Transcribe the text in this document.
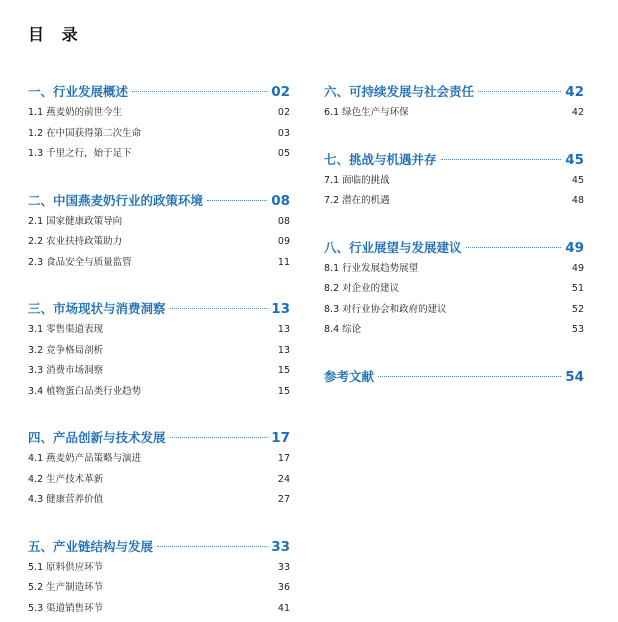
目 录
一、行业发展概述	02
1.1 燕麦奶的前世今生	02
1.2 在中国获得第二次生命	03
1.3 千里之行，始于足下	05
二、中国燕麦奶行业的政策环境	08
2.1 国家健康政策导向	08
2.2 农业扶持政策助力	09
2.3 食品安全与质量监管	11
三、市场现状与消费洞察	13
3.1 零售渠道表现	13
3.2 竞争格局剖析	13
3.3 消费市场洞察	15
3.4 植物蛋白品类行业趋势	15
四、产品创新与技术发展	17
4.1 燕麦奶产品策略与演进	17
4.2 生产技术革新	24
4.3 健康营养价值	27
五、产业链结构与发展	33
5.1 原料供应环节	33
5.2 生产制造环节	36
5.3 渠道销售环节	41
六、可持续发展与社会责任	42
6.1 绿色生产与环保	42
七、挑战与机遇并存	45
7.1 面临的挑战	45
7.2 潜在的机遇	48
八、行业展望与发展建议	49
8.1 行业发展趋势展望	49
8.2 对企业的建议	51
8.3 对行业协会和政府的建议	52
8.4 综论	53
参考文献	54
